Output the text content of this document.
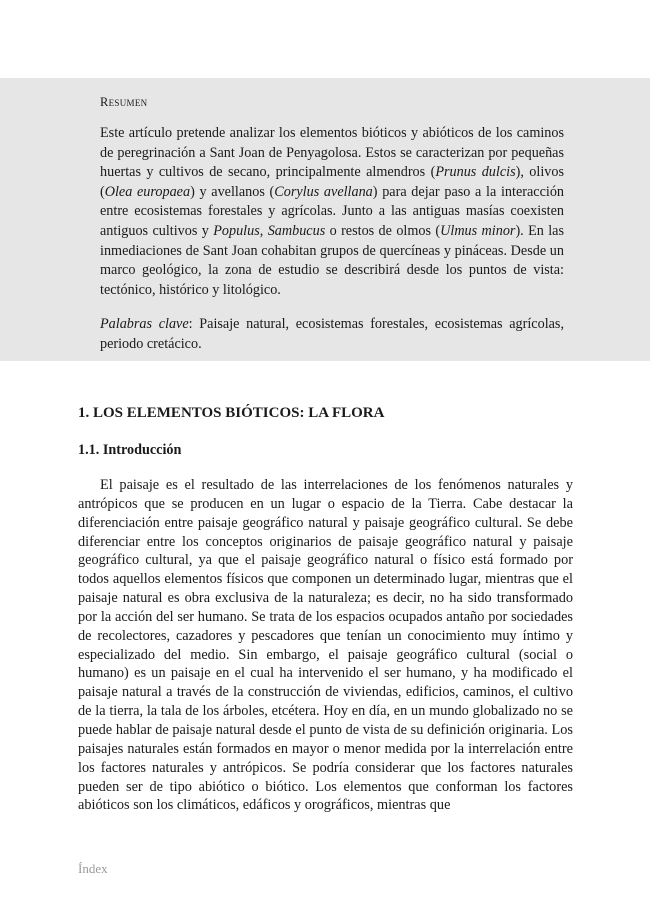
Resumen

Este artículo pretende analizar los elementos bióticos y abióticos de los caminos de peregrinación a Sant Joan de Penyagolosa. Estos se caracterizan por pequeñas huertas y cultivos de secano, principalmente almendros (Prunus dulcis), olivos (Olea europaea) y avellanos (Corylus avellana) para dejar paso a la interacción entre ecosistemas forestales y agrícolas. Junto a las antiguas masías coexisten antiguos cultivos y Populus, Sambucus o restos de olmos (Ulmus minor). En las inmediaciones de Sant Joan cohabitan grupos de quercíneas y pináceas. Desde un marco geológico, la zona de estudio se describirá desde los puntos de vista: tectónico, histórico y litológico.

Palabras clave: Paisaje natural, ecosistemas forestales, ecosistemas agrícolas, periodo cretácico.

1. LOS ELEMENTOS BIÓTICOS: LA FLORA
1.1. Introducción

El paisaje es el resultado de las interrelaciones de los fenómenos naturales y antrópicos que se producen en un lugar o espacio de la Tierra. Cabe destacar la diferenciación entre paisaje geográfico natural y paisaje geográfico cultural. Se debe diferenciar entre los conceptos originarios de paisaje geográfico natural y paisaje geográfico cultural, ya que el paisaje geográfico natural o físico está formado por todos aquellos elementos físicos que componen un determinado lugar, mientras que el paisaje natural es obra exclusiva de la naturaleza; es decir, no ha sido transformado por la acción del ser humano. Se trata de los espacios ocupados antaño por sociedades de recolectores, cazadores y pescadores que tenían un conocimiento muy íntimo y especializado del medio. Sin embargo, el paisaje geográfico cultural (social o humano) es un paisaje en el cual ha intervenido el ser humano, y ha modificado el paisaje natural a través de la construcción de viviendas, edificios, caminos, el cultivo de la tierra, la tala de los árboles, etcétera. Hoy en día, en un mundo globalizado no se puede hablar de paisaje natural desde el punto de vista de su definición originaria. Los paisajes naturales están formados en mayor o menor medida por la interrelación entre los factores naturales y antrópicos. Se podría considerar que los factores naturales pueden ser de tipo abiótico o biótico. Los elementos que conforman los factores abióticos son los climáticos, edáficos y orográficos, mientras que

Índex
